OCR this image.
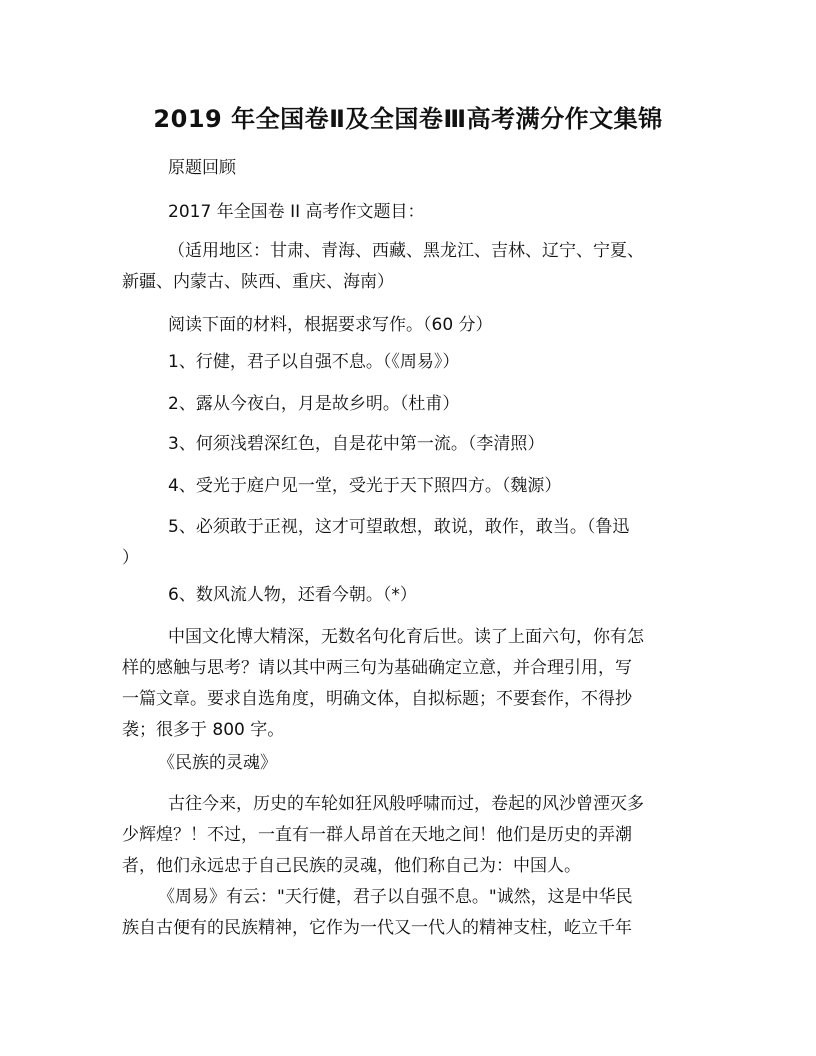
2019 年全国卷Ⅱ及全国卷Ⅲ高考满分作文集锦

原题回顾

2017 年全国卷 II 高考作文题目：

（适用地区：甘肃、青海、西藏、黑龙江、吉林、辽宁、宁夏、
新疆、内蒙古、陕西、重庆、海南）

阅读下面的材料，根据要求写作。（60 分）

1、行健，君子以自强不息。（《周易》）

2、露从今夜白，月是故乡明。（杜甫）

3、何须浅碧深红色，自是花中第一流。（李清照）

4、受光于庭户见一堂，受光于天下照四方。（魏源）

5、必须敢于正视，这才可望敢想，敢说，敢作，敢当。（鲁迅
）

6、数风流人物，还看今朝。（*）

中国文化博大精深，无数名句化育后世。读了上面六句，你有怎
样的感触与思考？请以其中两三句为基础确定立意，并合理引用，写
一篇文章。要求自选角度，明确文体，自拟标题；不要套作，不得抄
袭；很多于 800 字。

《民族的灵魂》

古往今来，历史的车轮如狂风般呼啸而过，卷起的风沙曾湮灭多
少辉煌？！不过，一直有一群人昂首在天地之间！他们是历史的弄潮
者，他们永远忠于自己民族的灵魂，他们称自己为：中国人。

《周易》有云："天行健，君子以自强不息。"诚然，这是中华民
族自古便有的民族精神，它作为一代又一代人的精神支柱，屹立千年
